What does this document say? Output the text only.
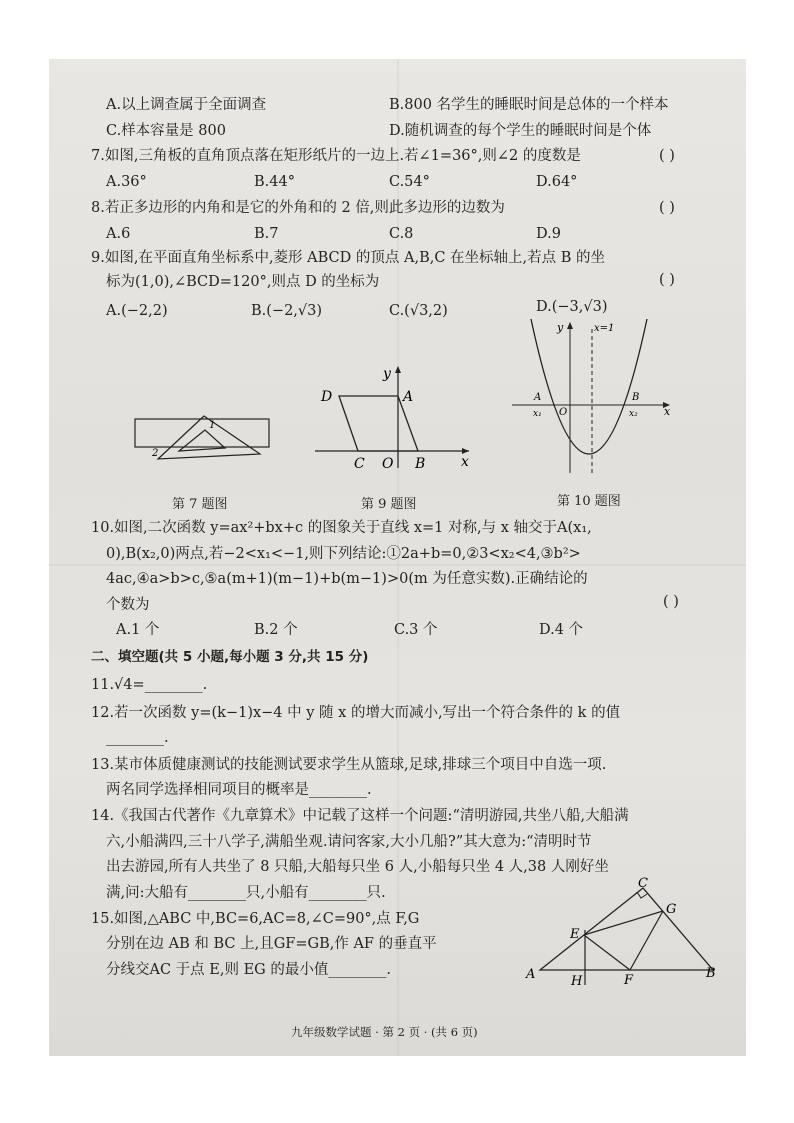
A.以上调查属于全面调查	B.800 名学生的睡眠时间是总体的一个样本
C.样本容量是 800	D.随机调查的每个学生的睡眠时间是个体
7.如图,三角板的直角顶点落在矩形纸片的一边上.若∠1=36°,则∠2 的度数是	( )
A.36°	B.44°	C.54°	D.64°
8.若正多边形的内角和是它的外角和的 2 倍,则此多边形的边数为	( )
A.6	B.7	C.8	D.9
9.如图,在平面直角坐标系中,菱形 ABCD 的顶点 A,B,C 在坐标轴上,若点 B 的坐
标为(1,0),∠BCD=120°,则点 D 的坐标为	( )
A.(−2,2)	B.(−2,√3)	C.(√3,2)	D.(−3,√3)
1
2
第 7 题图
D	A
C O B	x
y
第 9 题图
y
x
x=1
A	B
O
x₁	x₂
第 10 题图
10.如图,二次函数 y=ax²+bx+c 的图象关于直线 x=1 对称,与 x 轴交于A(x₁,
0),B(x₂,0)两点,若−2<x₁<−1,则下列结论:①2a+b=0,②3<x₂<4,③b²>
4ac,④a>b>c,⑤a(m+1)(m−1)+b(m−1)>0(m 为任意实数).正确结论的
个数为	( )
A.1 个	B.2 个	C.3 个	D.4 个
二、填空题(共 5 小题,每小题 3 分,共 15 分)
11.√4=________.
12.若一次函数 y=(k−1)x−4 中 y 随 x 的增大而减小,写出一个符合条件的 k 的值
________.
13.某市体质健康测试的技能测试要求学生从篮球,足球,排球三个项目中自选一项.
两名同学选择相同项目的概率是________.
14.《我国古代著作《九章算术》中记载了这样一个问题:“清明游园,共坐八船,大船满
六,小船满四,三十八学子,满船坐观.请问客家,大小几船?”其大意为:“清明时节
出去游园,所有人共坐了 8 只船,大船每只坐 6 人,小船每只坐 4 人,38 人刚好坐
满,问:大船有________只,小船有________只.
15.如图,△ABC 中,BC=6,AC=8,∠C=90°,点 F,G
分别在边 AB 和 BC 上,且GF=GB,作 AF 的垂直平
分线交AC 于点 E,则 EG 的最小值________.	A	B
C
E
F
G
H
九年级数学试题 · 第 2 页 · (共 6 页)
